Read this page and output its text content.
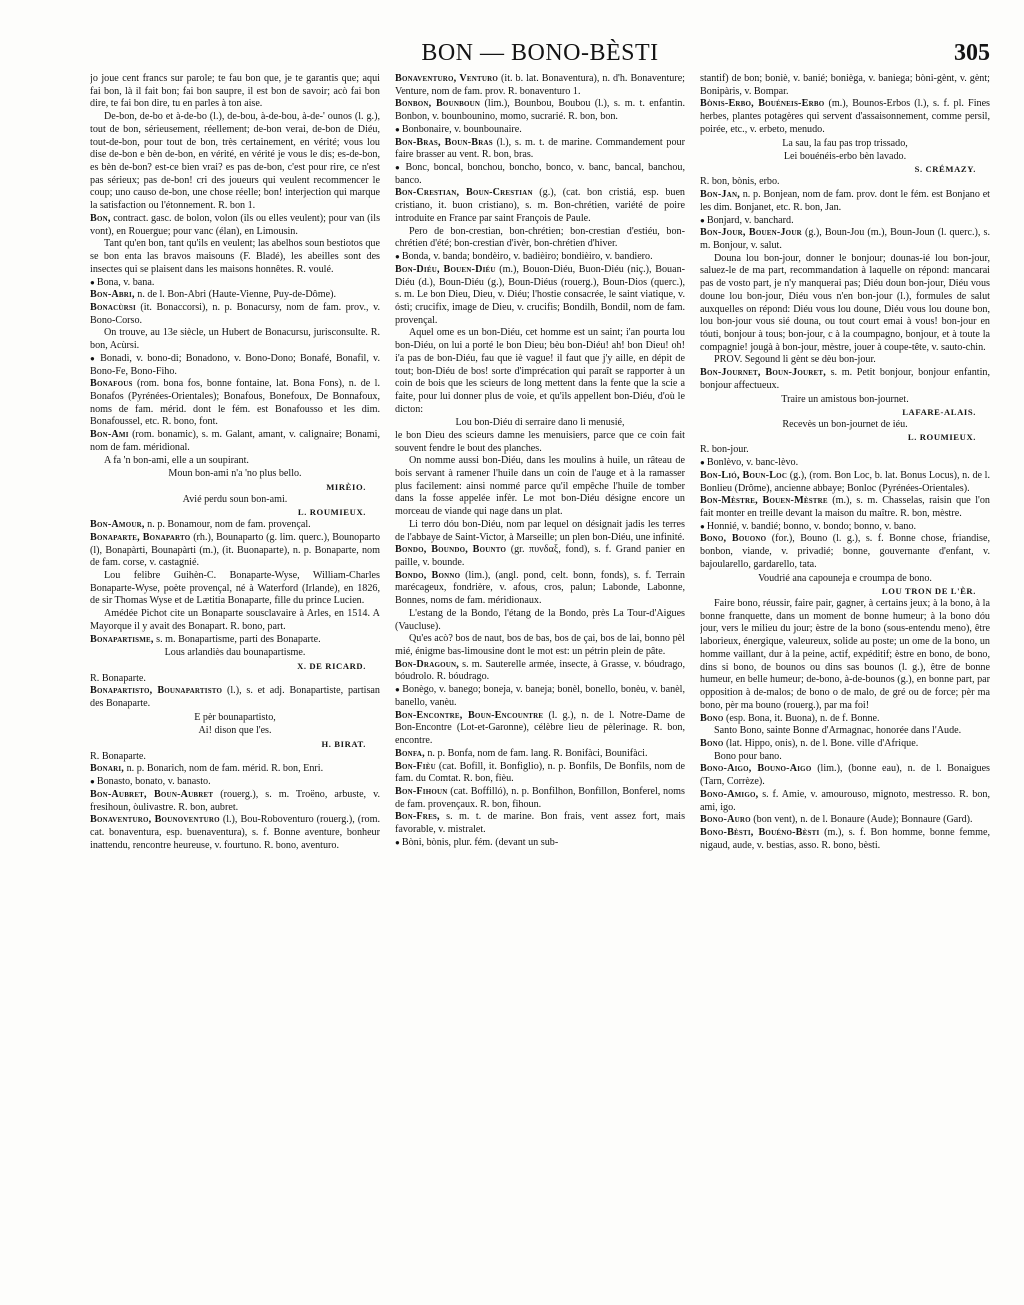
BON — BONO-BÈSTI	305

jo joue cent francs sur parole; te fau bon que, je te garantis que; aqui fai bon, là il fait bon; fai bon saupre, il est bon de savoir; acò fai bon dire, te fai bon dire, tu en parles à ton aise.

De-bon, de-bo et à-de-bo (l.), de-bou, à-de-bou, à-de-' ounos (l. g.), tout de bon, sérieusement, réellement; de-bon verai, de-bon de Diéu, tout-de-bon, pour tout de bon, très certainement, en vérité; vous lou dise de-bon e bèn de-bon, en vérité, en vérité je vous le dis; es-de-bon, es bèn de-bon? est-ce bien vrai? es pas de-bon, c'est pour rire, ce n'est pas sérieux; pas de-bon! cri des joueurs qui veulent recommencer le coup; uno causo de-bon, une chose réelle; bon! interjection qui marque la satisfaction ou l'étonnement. R. bon 1.

Bon, contract. gasc. de bolon, volon (ils ou elles veulent); pour van (ils vont), en Rouergue; pour vanc (élan), en Limousin.

Tant qu'en bon, tant qu'ils en veulent; las abelhos soun bestiotos que se bon enta las bravos maisouns (F. Bladé), les abeilles sont des insectes qui se plaisent dans les maisons honnêtes. R. voulé.

● Bona, v. bana.

Bon-Abri, n. de l. Bon-Abri (Haute-Vienne, Puy-de-Dôme).

Bonacùrsi (it. Bonaccorsi), n. p. Bonacursy, nom de fam. prov., v. Bono-Corso.

On trouve, au 13e siècle, un Hubert de Bonacursu, jurisconsulte. R. bon, Acùrsi.

● Bonadi, v. bono-di; Bonadono, v. Bono-Dono; Bonafé, Bonafil, v. Bono-Fe, Bono-Fiho.

Bonafous (rom. bona fos, bonne fontaine, lat. Bona Fons), n. de l. Bonafos (Pyrénées-Orientales); Bonafous, Bonefoux, De Bonnafoux, noms de fam. mérid. dont le fém. est Bonafousso et les dim. Bonafoussel, etc. R. bono, font.

Bon-Ami (rom. bonamic), s. m. Galant, amant, v. calignaire; Bonami, nom de fam. méridional.

A fa 'n bon-ami, elle a un soupirant.

Moun bon-ami n'a 'no plus bello.
MIRÈIO.
Avié perdu soun bon-ami.
L. ROUMIEUX.

Bon-Amour, n. p. Bonamour, nom de fam. provençal.

Bonaparte, Bonaparto (rh.), Bounaparto (g. lim. querc.), Bounoparto (l), Bonapàrti, Bounapàrti (m.), (it. Buonaparte), n. p. Bonaparte, nom de fam. corse, v. castagnié.

Lou felibre Guihèn-C. Bonaparte-Wyse, William-Charles Bonaparte-Wyse, poète provençal, né à Waterford (Irlande), en 1826, de sir Thomas Wyse et de Lætitia Bonaparte, fille du prince Lucien.

Amédée Pichot cite un Bonaparte sousclavaire à Arles, en 1514. A Mayorque il y avait des Bonapart. R. bono, part.

Bonapartisme, s. m. Bonapartisme, parti des Bonaparte.

Lous arlandiès dau bounapartisme.
X. DE RICARD.

R. Bonaparte.

Bonapartisto, Bounapartisto (l.), s. et adj. Bonapartiste, partisan des Bonaparte.

E pèr bounapartisto,
Ai! dison que l'es.
H. BIRAT.

R. Bonaparte.

Bonari, n. p. Bonarich, nom de fam. mérid. R. bon, Enri.

● Bonasto, bonato, v. banasto.

Bon-Aubret, Boun-Aubret (rouerg.), s. m. Troëno, arbuste, v. fresihoun, òulivastre. R. bon, aubret.

Bonaventuro, Bounoventuro (l.), Bou-Roboventuro (rouerg.), (rom. cat. bonaventura, esp. buenaventura), s. f. Bonne aventure, bonheur inattendu, rencontre heureuse, v. fourtuno. R. bono, aventuro.

Bonaventuro, Venturo (it. b. lat. Bonaventura), n. d'h. Bonaventure; Venture, nom de fam. prov. R. bonaventuro 1.

Bonbon, Bounboun (lim.), Bounbou, Boubou (l.), s. m. t. enfantin. Bonbon, v. bounbounino, momo, sucrarié. R. bon, bon.

● Bonbonaire, v. bounbounaire.

Bon-Bras, Boun-Bras (l.), s. m. t. de marine. Commandement pour faire brasser au vent. R. bon, bras.

● Bonc, boncal, bonchou, boncho, bonco, v. banc, bancal, banchou, banco.

Bon-Crestian, Boun-Crestian (g.), (cat. bon cristiá, esp. buen cristiano, it. buon cristiano), s. m. Bon-chrétien, variété de poire introduite en France par saint François de Paule.

Pero de bon-crestian, bon-chrétien; bon-crestian d'estiéu, bon-chrétien d'été; bon-crestian d'ivèr, bon-chrétien d'hiver.

● Bonda, v. banda; bondèiro, v. badièiro; bondièiro, v. bandiero.

Bon-Diéu, Bouen-Diéu (m.), Bouon-Diéu, Buon-Diéu (niç.), Bouan-Diéu (d.), Boun-Diéu (g.), Boun-Diéus (rouerg.), Boun-Dios (querc.), s. m. Le bon Dieu, Dieu, v. Diéu; l'hostie consacrée, le saint viatique, v. óstì; crucifix, image de Dieu, v. crucifis; Bondilh, Bondil, nom de fam. provençal.

Aquel ome es un bon-Diéu, cet homme est un saint; i'an pourta lou bon-Diéu, on lui a porté le bon Dieu; bèu bon-Diéu! ah! bon Dieu! oh! i'a pas de bon-Diéu, fau que iè vague! il faut que j'y aille, en dépit de tout; bon-Diéu de bos! sorte d'imprécation qui paraît se rapporter à un coin de bois que les scieurs de long mettent dans la fente que la scie a faite, pour lui donner plus de voie, et qu'ils appellent bon-Diéu, d'où le dicton:

Lou bon-Diéu di serraire dano li menusié,

le bon Dieu des scieurs damne les menuisiers, parce que ce coin fait souvent fendre le bout des planches.

On nomme aussi bon-Diéu, dans les moulins à huile, un râteau de bois servant à ramener l'huile dans un coin de l'auge et à la ramasser plus facilement: ainsi nommé parce qu'il empêche l'huile de tomber dans la fosse appelée infèr. Le mot bon-Diéu désigne encore un morceau de viande qui nage dans un plat.

Li terro dóu bon-Diéu, nom par lequel on désignait jadis les terres de l'abbaye de Saint-Victor, à Marseille; un plen bon-Diéu, une infinité.

Bondo, Boundo, Bounto (gr. πυνδαξ, fond), s. f. Grand panier en paille, v. bounde.

Bondo, Bonno (lim.), (angl. pond, celt. bonn, fonds), s. f. Terrain marécageux, fondrière, v. afous, cros, palun; Labonde, Labonne, Bonnes, noms de fam. méridionaux.

L'estang de la Bondo, l'étang de la Bondo, près La Tour-d'Aigues (Vaucluse).

Qu'es acò? bos de naut, bos de bas, bos de çai, bos de lai, bonno pèl mié, énigme bas-limousine dont le mot est: un pétrin plein de pâte.

Bon-Dragoun, s. m. Sauterelle armée, insecte, à Grasse, v. bóudrago, bóudrolo. R. bóudrago.

● Bonègo, v. banego; boneja, v. baneja; bonèl, bonello, bonèu, v. banèl, banello, vanèu.

Bon-Encontre, Boun-Encountre (l. g.), n. de l. Notre-Dame de Bon-Encontre (Lot-et-Garonne), célèbre lieu de pèlerinage. R. bon, encontre.

Bonfa, n. p. Bonfa, nom de fam. lang. R. Bonifàci, Bounifàci.

Bon-Fièu (cat. Bofill, it. Bonfiglio), n. p. Bonfils, De Bonfils, nom de fam. du Comtat. R. bon, fièu.

Bon-Fihoun (cat. Boffilló), n. p. Bonfilhon, Bonfillon, Bonferel, noms de fam. provençaux. R. bon, fihoun.

Bon-Fres, s. m. t. de marine. Bon frais, vent assez fort, mais favorable, v. mistralet.

● Bòni, bònis, plur. fém. (devant un sub-

stantif) de bon; boniè, v. banié; bonièga, v. baniega; bòni-gènt, v. gènt; Bonipàris, v. Bompar.

Bònis-Erbo, Bouéneis-Erbo (m.), Bounos-Erbos (l.), s. f. pl. Fines herbes, plantes potagères qui servent d'assaisonnement, comme persil, poirée, etc., v. erbeto, menudo.

La sau, la fau pas trop trissado,
Lei bouénéis-erbo bèn lavado.
S. CRÉMAZY.

R. bon, bònis, erbo.

Bon-Jan, n. p. Bonjean, nom de fam. prov. dont le fém. est Bonjano et les dim. Bonjanet, etc. R. bon, Jan.

● Bonjard, v. banchard.

Bon-Jour, Bouen-Jour (g.), Boun-Jou (m.), Boun-Joun (l. querc.), s. m. Bonjour, v. salut.

Douna lou bon-jour, donner le bonjour; dounas-ié lou bon-jour, saluez-le de ma part, recommandation à laquelle on répond: mancarai pas de vosto part, je n'y manquerai pas; Diéu doun bon-jour, Diéu vous doune lou bon-jour, Diéu vous n'en bon-jour (l.), formules de salut auxquelles on répond: Diéu vous lou doune, Diéu vous lou doune bon, lou bon-jour vous sié douna, ou tout court emai à vous! bon-jour en tóuti, bonjour à tous; bon-jour, c à la coumpagno, bonjour, et à toute la compagnie! jougà à bon-jour, mèstre, jouer à coupe-tête, v. sauto-chin.

PROV. Segound li gènt se dèu bon-jour.

Bon-Journet, Boun-Jouret, s. m. Petit bonjour, bonjour enfantin, bonjour affectueux.

Traire un amistous bon-journet.
LAFARE-ALAIS.
Recevès un bon-journet de iéu.
L. ROUMIEUX.

R. bon-jour.

● Bonlèvo, v. banc-lèvo.

Bon-Lió, Boun-Loc (g.), (rom. Bon Loc, b. lat. Bonus Locus), n. de l. Bonlieu (Drôme), ancienne abbaye; Bonloc (Pyrénées-Orientales).

Bon-Mèstre, Bouen-Mèstre (m.), s. m. Chasselas, raisin que l'on fait monter en treille devant la maison du maître. R. bon, mèstre.

● Honnié, v. bandié; bonno, v. bondo; bonno, v. bano.

Bono, Bouono (for.), Bouno (l. g.), s. f. Bonne chose, friandise, bonbon, viande, v. privadié; bonne, gouvernante d'enfant, v. bajoularello, gardarello, tata.

Voudrié ana capouneja e croumpa de bono.
LOU TRON DE L'ÈR.

Faire bono, réussir, faire pair, gagner, à certains jeux; à la bono, à la bonne franquette, dans un moment de bonne humeur; à la bono dóu jour, vers le milieu du jour; èstre de la bono (sous-entendu meno), être laborieux, énergique, valeureux, solide au poste; un ome de la bono, un homme vaillant, dur à la peine, actif, expéditif; èstre en bono, de bono, dins si bono, de bounos ou dins sas bounos (l. g.), être de bonne humeur, en belle humeur; de-bono, à-de-bounos (g.), en bonne part, par opposition à de-malos; de bono o de malo, de gré ou de force; pèr ma bono, pèr ma bouno (rouerg.), par ma foi!

Bono (esp. Bona, it. Buona), n. de f. Bonne.

Santo Bono, sainte Bonne d'Armagnac, honorée dans l'Aude.

Bono (lat. Hippo, onis), n. de l. Bone. ville d'Afrique.

Bono pour bano.

Bono-Aigo, Bouno-Aigo (lim.), (bonne eau), n. de l. Bonaigues (Tarn, Corrèze).

Bono-Amigo, s. f. Amie, v. amourouso, mignoto, mestresso. R. bon, ami, igo.

Bono-Auro (bon vent), n. de l. Bonaure (Aude); Bonnaure (Gard).

Bono-Bèsti, Bouéno-Bèsti (m.), s. f. Bon homme, bonne femme, nigaud, aude, v. bestias, asso. R. bono, bèsti.
